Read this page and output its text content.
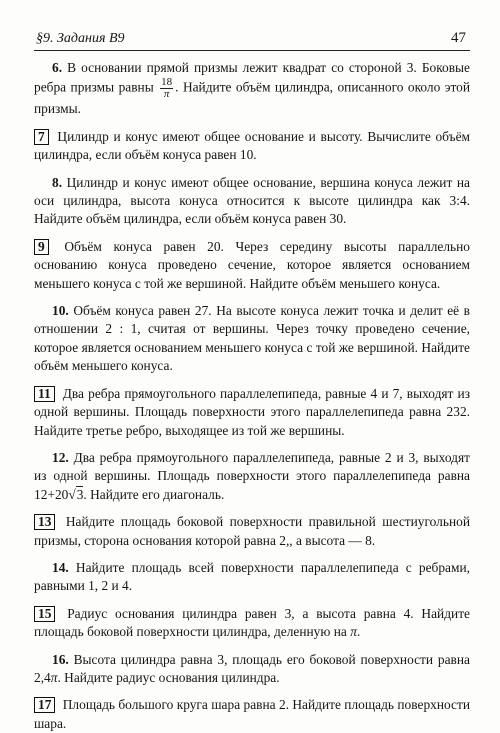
§9. Задания B9	47

6. В основании прямой призмы лежит квадрат со стороной 3. Боковые ребра призмы равны $\frac{18}{\pi}$ . Найдите объём цилиндра, описанного около этой призмы.

7 Цилиндр и конус имеют общее основание и высоту. Вычислите объём цилиндра, если объём конуса равен 10.

8. Цилиндр и конус имеют общее основание, вершина конуса лежит на оси цилиндра, высота конуса относится к высоте цилиндра как 3:4. Найдите объём цилиндра, если объём конуса равен 30.

9 Объём конуса равен 20. Через середину высоты параллельно основанию конуса проведено сечение, которое является основанием меньшего конуса с той же вершиной. Найдите объём меньшего конуса.

10. Объём конуса равен 27. На высоте конуса лежит точка и делит её в отношении 2 : 1, считая от вершины. Через точку проведено сечение, которое является основанием меньшего конуса с той же вершиной. Найдите объём меньшего конуса.

11 Два ребра прямоугольного параллелепипеда, равные 4 и 7, выходят из одной вершины. Площадь поверхности этого параллелепипеда равна 232. Найдите третье ребро, выходящее из той же вершины.

12. Два ребра прямоугольного параллелепипеда, равные 2 и 3, выходят из одной вершины. Площадь поверхности этого параллелепипеда равна 12+20√3. Найдите его диагональ.

13 Найдите площадь боковой поверхности правильной шестиугольной призмы, сторона основания которой равна 2,, а высота — 8.

14. Найдите площадь всей поверхности параллелепипеда с ребрами, равными 1, 2 и 4.

15 Радиус основания цилиндра равен 3, а высота равна 4. Найдите площадь боковой поверхности цилиндра, деленную на π.

16. Высота цилиндра равна 3, площадь его боковой поверхности равна 2,4π. Найдите радиус основания цилиндра.

17 Площадь большого круга шара равна 2. Найдите площадь поверхности шара.
